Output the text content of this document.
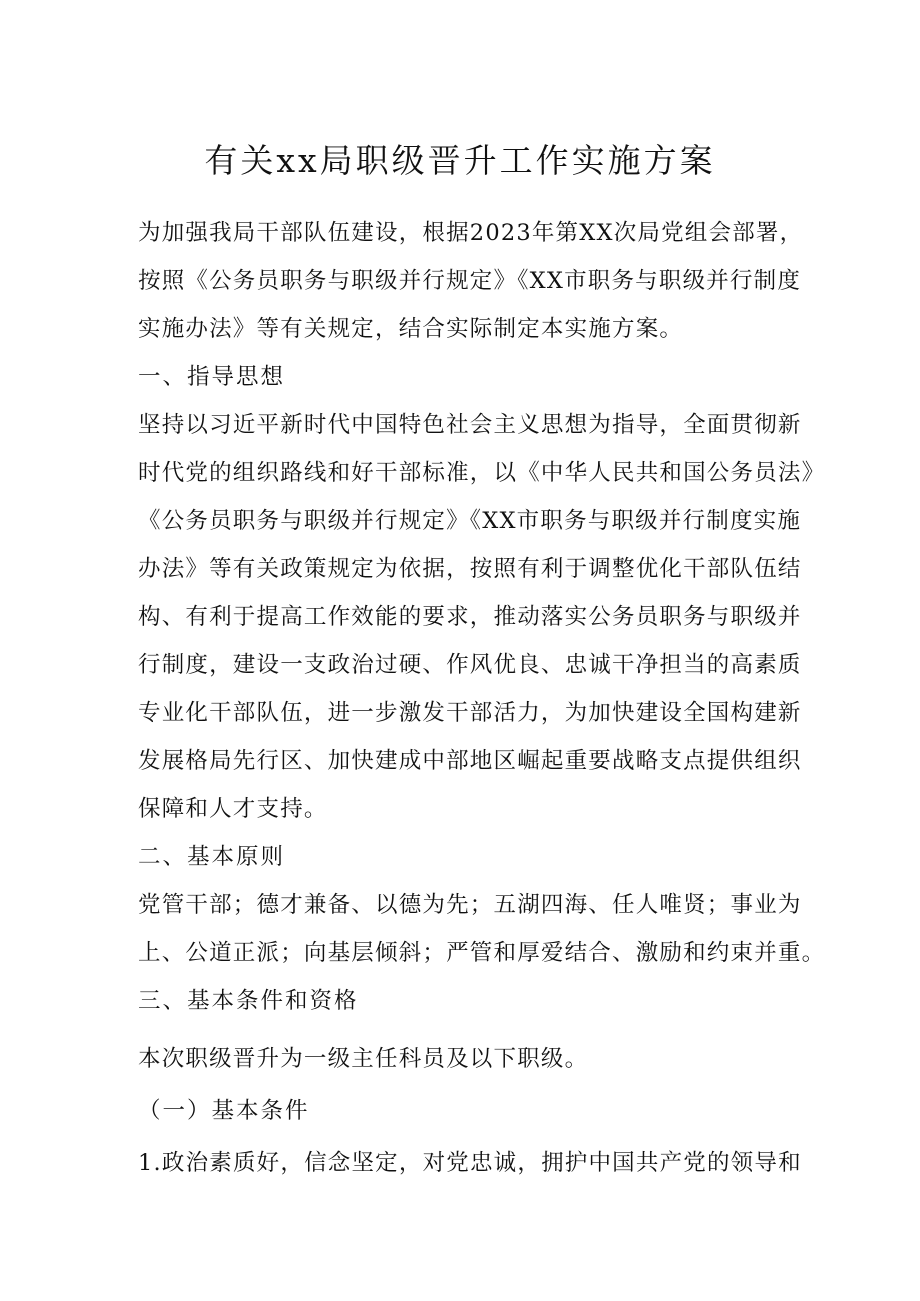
有关xx局职级晋升工作实施方案

为加强我局干部队伍建设，根据2023年第XX次局党组会部署，

按照《公务员职务与职级并行规定》《XX市职务与职级并行制度

实施办法》等有关规定，结合实际制定本实施方案。

一、指导思想

坚持以习近平新时代中国特色社会主义思想为指导，全面贯彻新

时代党的组织路线和好干部标准，以《中华人民共和国公务员法》

《公务员职务与职级并行规定》《XX市职务与职级并行制度实施

办法》等有关政策规定为依据，按照有利于调整优化干部队伍结

构、有利于提高工作效能的要求，推动落实公务员职务与职级并

行制度，建设一支政治过硬、作风优良、忠诚干净担当的高素质

专业化干部队伍，进一步激发干部活力，为加快建设全国构建新

发展格局先行区、加快建成中部地区崛起重要战略支点提供组织

保障和人才支持。

二、基本原则

党管干部；德才兼备、以德为先；五湖四海、任人唯贤；事业为

上、公道正派；向基层倾斜；严管和厚爱结合、激励和约束并重。

三、基本条件和资格

本次职级晋升为一级主任科员及以下职级。

（一）基本条件

1.政治素质好，信念坚定，对党忠诚，拥护中国共产党的领导和
